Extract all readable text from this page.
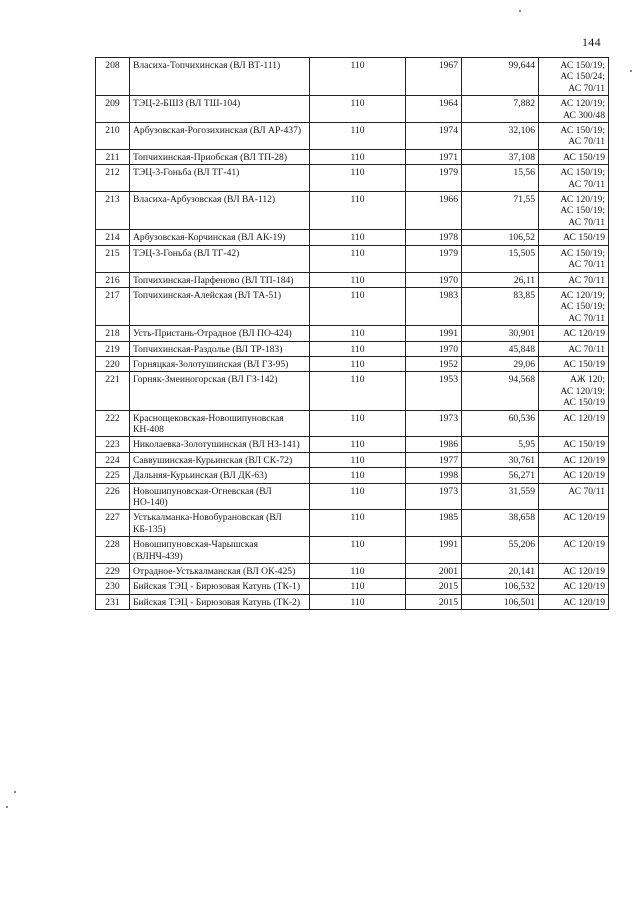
144
208	Власиха-Топчихинская (ВЛ ВТ-111)	110	1967	99,644	АС 150/19;
АС 150/24;
АС 70/11
209	ТЭЦ-2-БШЗ (ВЛ ТШ-104)	110	1964	7,882	АС 120/19;
АС 300/48
210	Арбузовская-Рогозихинская (ВЛ АР-437)	110	1974	32,106	АС 150/19;
АС 70/11
211	Топчихинская-Приобская (ВЛ ТП-28)	110	1971	37,108	АС 150/19
212	ТЭЦ-3-Гоньба (ВЛ ТГ-41)	110	1979	15,56	АС 150/19;
АС 70/11
213	Власиха-Арбузовская (ВЛ ВА-112)	110	1966	71,55	АС 120/19;
АС 150/19;
АС 70/11
214	Арбузовская-Корчинская (ВЛ АК-19)	110	1978	106,52	АС 150/19
215	ТЭЦ-3-Гоньба (ВЛ ТГ-42)	110	1979	15,505	АС 150/19;
АС 70/11
216	Топчихинская-Парфеново (ВЛ ТП-184)	110	1970	26,11	АС 70/11
217	Топчихинская-Алейская (ВЛ ТА-51)	110	1983	83,85	АС 120/19;
АС 150/19;
АС 70/11
218	Усть-Пристань-Отрадное (ВЛ ПО-424)	110	1991	30,901	АС 120/19
219	Топчихинская-Раздолье (ВЛ ТР-183)	110	1970	45,848	АС 70/11
220	Горняцкая-Золотушинская (ВЛ ГЗ-95)	110	1952	29,06	АС 150/19
221	Горняк-Змеиногорская (ВЛ ГЗ-142)	110	1953	94,568	АЖ 120;
АС 120/19;
АС 150/19
222	Краснощековская-Новошипуновская КН-408	110	1973	60,536	АС 120/19
223	Николаевка-Золотушинская (ВЛ НЗ-141)	110	1986	5,95	АС 150/19
224	Саввушинская-Курьинская (ВЛ СК-72)	110	1977	30,761	АС 120/19
225	Дальняя-Курьинская (ВЛ ДК-63)	110	1998	56,271	АС 120/19
226	Новошипуновская-Огневская (ВЛ НО-140)	110	1973	31,559	АС 70/11
227	Устькалманка-Новобурановская (ВЛ КБ-135)	110	1985	38,658	АС 120/19
228	Новошипуновская-Чарышская (ВЛНЧ-439)	110	1991	55,206	АС 120/19
229	Отрадное-Устькалманская (ВЛ ОК-425)	110	2001	20,141	АС 120/19
230	Бийская ТЭЦ - Бирюзовая Катунь (ТК-1)	110	2015	106,532	АС 120/19
231	Бийская ТЭЦ - Бирюзовая Катунь (ТК-2)	110	2015	106,501	АС 120/19
